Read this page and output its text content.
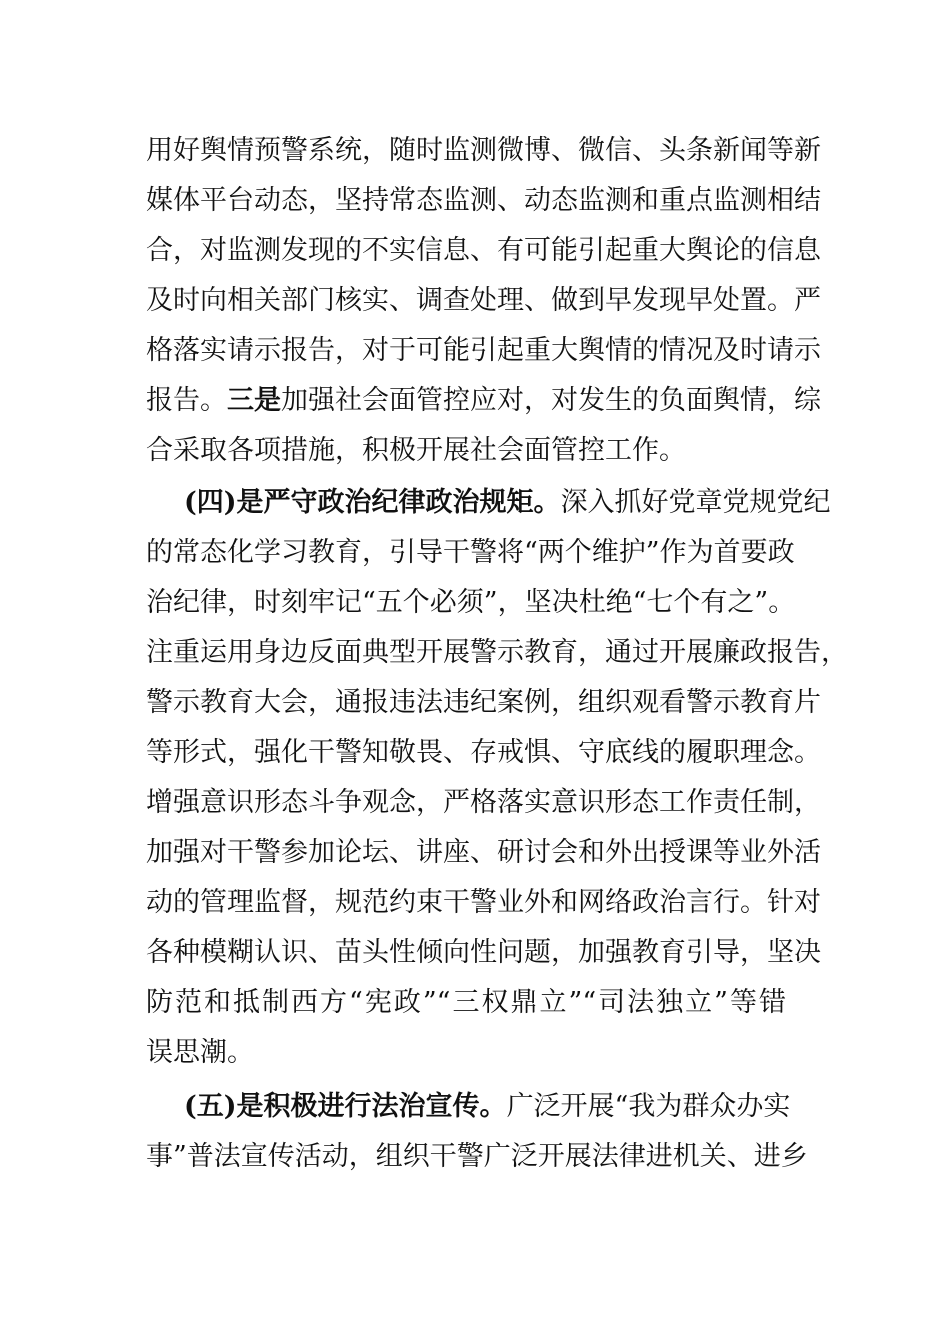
用好舆情预警系统，随时监测微博、微信、头条新闻等新
媒体平台动态，坚持常态监测、动态监测和重点监测相结
合，对监测发现的不实信息、有可能引起重大舆论的信息
及时向相关部门核实、调查处理、做到早发现早处置。严
格落实请示报告，对于可能引起重大舆情的情况及时请示
报告。三是加强社会面管控应对，对发生的负面舆情，综
合采取各项措施，积极开展社会面管控工作。
(四)是严守政治纪律政治规矩。深入抓好党章党规党纪
的常态化学习教育，引导干警将“两个维护”作为首要政
治纪律，时刻牢记“五个必须”，坚决杜绝“七个有之”。
注重运用身边反面典型开展警示教育，通过开展廉政报告，
警示教育大会，通报违法违纪案例，组织观看警示教育片
等形式，强化干警知敬畏、存戒惧、守底线的履职理念。
增强意识形态斗争观念，严格落实意识形态工作责任制，
加强对干警参加论坛、讲座、研讨会和外出授课等业外活
动的管理监督，规范约束干警业外和网络政治言行。针对
各种模糊认识、苗头性倾向性问题，加强教育引导，坚决
防范和抵制西方“宪政”“三权鼎立”“司法独立”等错
误思潮。
(五)是积极进行法治宣传。广泛开展“我为群众办实
事”普法宣传活动，组织干警广泛开展法律进机关、进乡
